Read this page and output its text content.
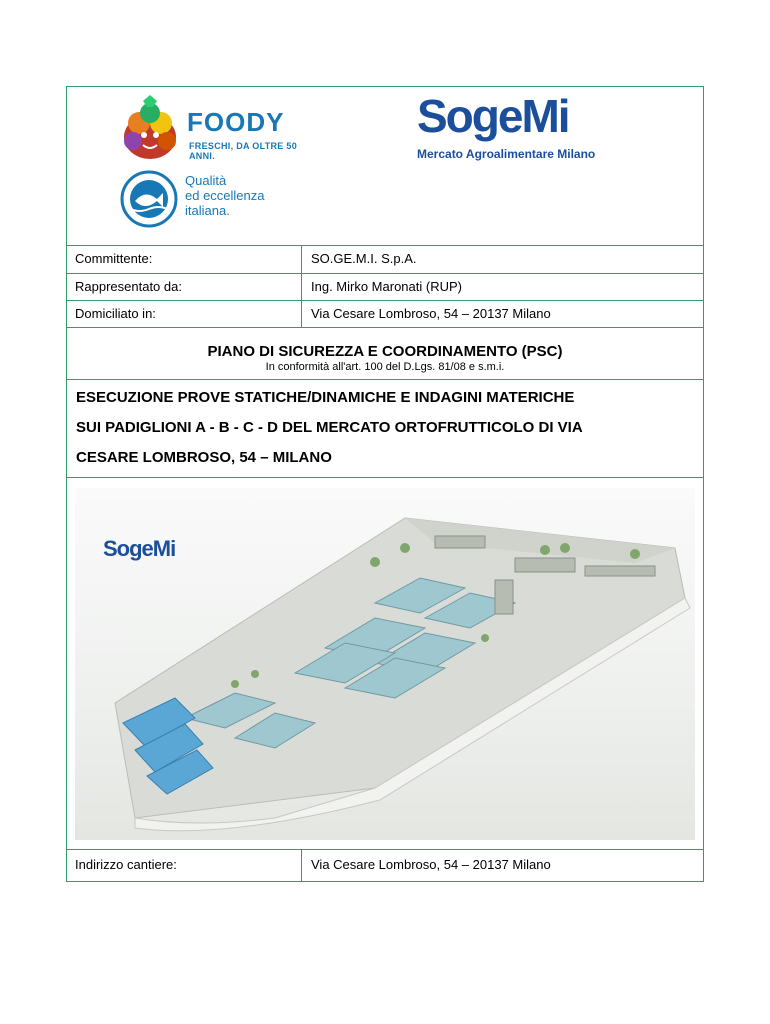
FOODY
FRESCHI, DA OLTRE 50 ANNI.
Qualità
ed eccellenza
italiana.
SogeMi
Mercato Agroalimentare Milano
Committente:	SO.GE.M.I. S.p.A.
Rappresentato da:	Ing. Mirko Maronati (RUP)
Domiciliato in:	Via Cesare Lombroso, 54 – 20137 Milano
PIANO DI SICUREZZA E COORDINAMENTO (PSC)
In conformità all'art. 100 del D.Lgs. 81/08 e s.m.i.
ESECUZIONE PROVE STATICHE/DINAMICHE E INDAGINI MATERICHE
SUI PADIGLIONI A - B - C - D DEL MERCATO ORTOFRUTTICOLO DI VIA
CESARE LOMBROSO, 54 – MILANO
SogeMi
Indirizzo cantiere:	Via Cesare Lombroso, 54 – 20137 Milano
